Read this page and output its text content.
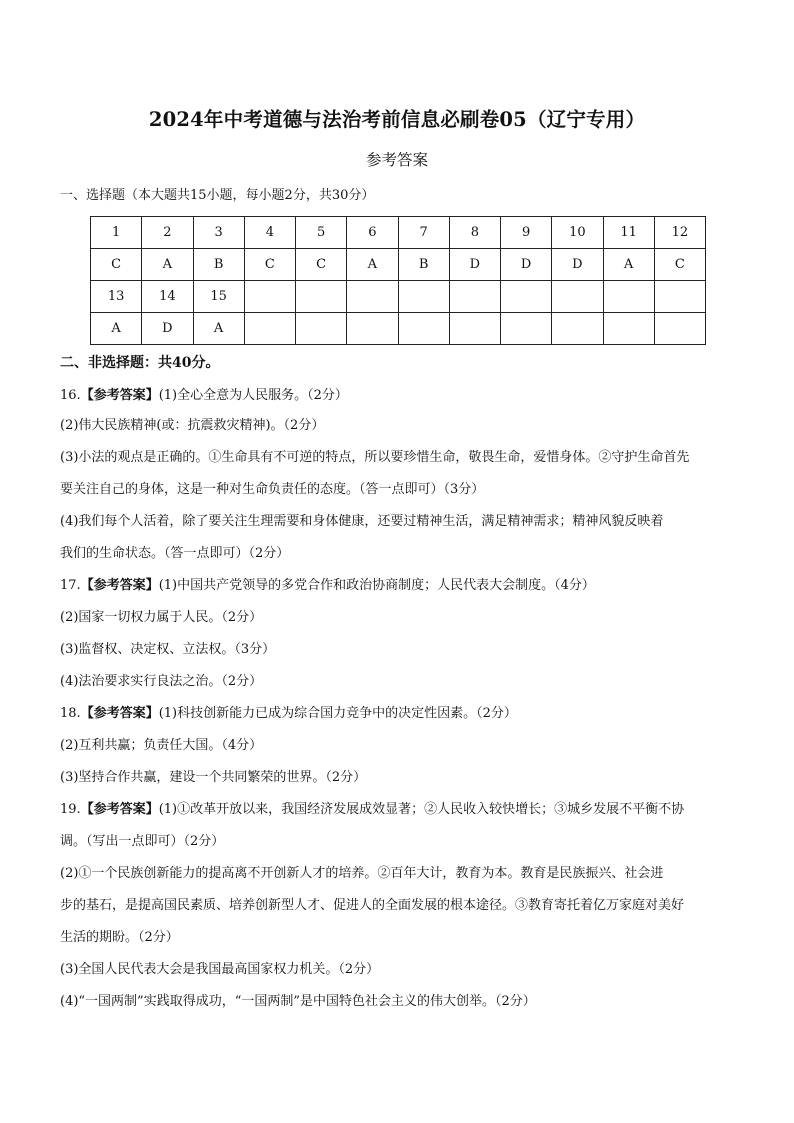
2024年中考道德与法治考前信息必刷卷05（辽宁专用）
参考答案
一、选择题（本大题共15小题，每小题2分，共30分）
1	2	3	4	5	6	7	8	9	10	11	12
C	A	B	C	C	A	B	D	D	D	A	C
13	14	15									
A	D	A									
二、非选择题：共40分。
16.【参考答案】(1)全心全意为人民服务。（2分）
(2)伟大民族精神(或：抗震救灾精神)。（2分）
(3)小法的观点是正确的。①生命具有不可逆的特点，所以要珍惜生命，敬畏生命，爱惜身体。②守护生命首先
要关注自己的身体，这是一种对生命负责任的态度。（答一点即可）（3分）
(4)我们每个人活着，除了要关注生理需要和身体健康，还要过精神生活，满足精神需求；精神风貌反映着
我们的生命状态。（答一点即可）（2分）
17.【参考答案】(1)中国共产党领导的多党合作和政治协商制度；人民代表大会制度。（4分）
(2)国家一切权力属于人民。（2分）
(3)监督权、决定权、立法权。（3分）
(4)法治要求实行良法之治。（2分）
18.【参考答案】(1)科技创新能力已成为综合国力竞争中的决定性因素。（2分）
(2)互利共赢；负责任大国。（4分）
(3)坚持合作共赢，建设一个共同繁荣的世界。（2分）
19.【参考答案】(1)①改革开放以来，我国经济发展成效显著；②人民收入较快增长；③城乡发展不平衡不协
调。（写出一点即可）（2分）
(2)①一个民族创新能力的提高离不开创新人才的培养。②百年大计，教育为本。教育是民族振兴、社会进
步的基石，是提高国民素质、培养创新型人才、促进人的全面发展的根本途径。③教育寄托着亿万家庭对美好
生活的期盼。（2分）
(3)全国人民代表大会是我国最高国家权力机关。（2分）
(4)“一国两制”实践取得成功，“一国两制”是中国特色社会主义的伟大创举。（2分）
